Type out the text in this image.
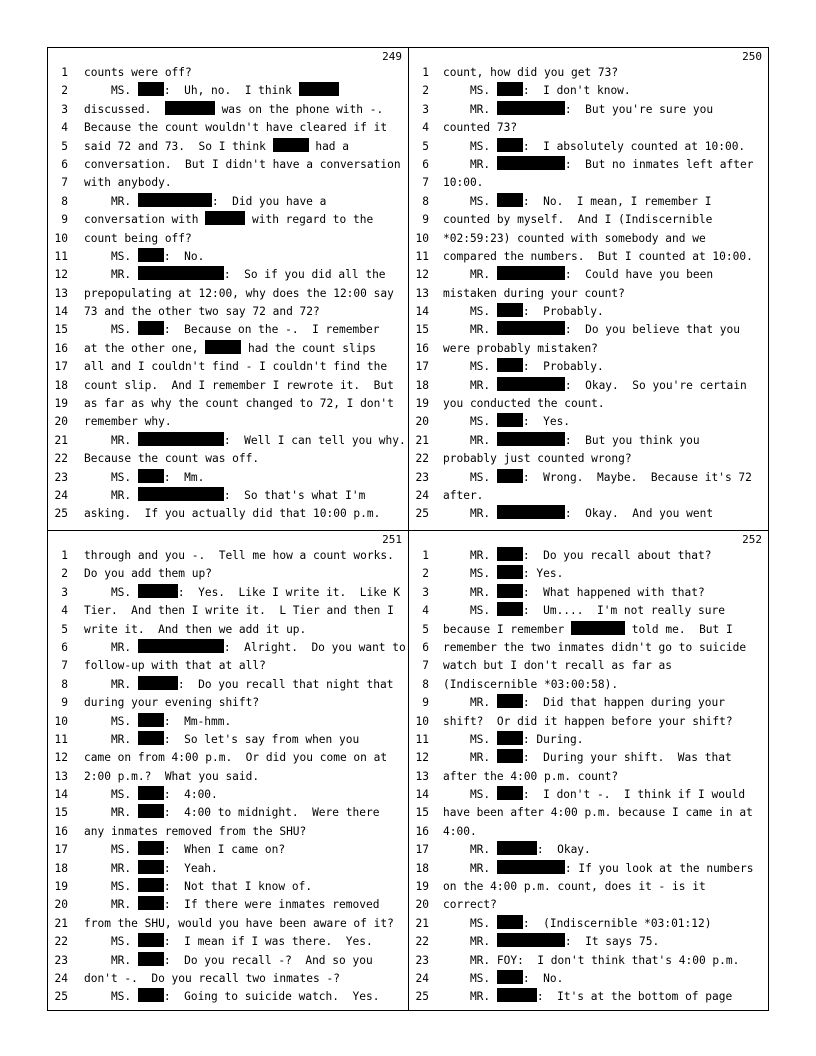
249
1 counts were off?
2 MS. :  Uh, no.  I think
3 discussed.	was on the phone with -.
4 Because the count wouldn't have cleared if it
5 said 72 and 73.  So I think	had a
6 conversation.  But I didn't have a conversation
7 with anybody.
8 MR.	:  Did you have a
9 conversation with	with regard to the
10 count being off?
11 MS. :  No.
12 MR.	:  So if you did all the
13 prepopulating at 12:00, why does the 12:00 say
14 73 and the other two say 72 and 72?
15 MS. :  Because on the -.  I remember
16 at the other one,	had the count slips
17 all and I couldn't find - I couldn't find the
18 count slip.  And I remember I rewrote it.  But
19 as far as why the count changed to 72, I don't
20 remember why.
21 MR.	:  Well I can tell you why.
22 Because the count was off.
23 MS. :  Mm.
24 MR.	:  So that's what I'm
25 asking.  If you actually did that 10:00 p.m.
250
1 count, how did you get 73?
2 MS. :  I don't know.
3 MR.	:  But you're sure you
4 counted 73?
5 MS. :  I absolutely counted at 10:00.
6 MR.	:  But no inmates left after
7 10:00.
8 MS. :  No.  I mean, I remember I
9 counted by myself.  And I (Indiscernible
10 *02:59:23) counted with somebody and we
11 compared the numbers.  But I counted at 10:00.
12 MR.	:  Could have you been
13 mistaken during your count?
14 MS. :  Probably.
15 MR.	:  Do you believe that you
16 were probably mistaken?
17 MS. :  Probably.
18 MR.	:  Okay.  So you're certain
19 you conducted the count.
20 MS. :  Yes.
21 MR.	:  But you think you
22 probably just counted wrong?
23 MS. :  Wrong.  Maybe.  Because it's 72
24 after.
25 MR.	:  Okay.  And you went
251
1 through and you -.  Tell me how a count works.
2 Do you add them up?
3 MS.	:  Yes.  Like I write it.  Like K
4 Tier.  And then I write it.  L Tier and then I
5 write it.  And then we add it up.
6 MR.	:  Alright.  Do you want to
7 follow-up with that at all?
8 MR.	:  Do you recall that night that
9 during your evening shift?
10 MS. :  Mm-hmm.
11 MR. :  So let's say from when you
12 came on from 4:00 p.m.  Or did you come on at
13 2:00 p.m.?  What you said.
14 MS. :  4:00.
15 MR. :  4:00 to midnight.  Were there
16 any inmates removed from the SHU?
17 MS. :  When I came on?
18 MR. :  Yeah.
19 MS. :  Not that I know of.
20 MR. :  If there were inmates removed
21 from the SHU, would you have been aware of it?
22 MS. :  I mean if I was there.  Yes.
23 MR. :  Do you recall -?  And so you
24 don't -.  Do you recall two inmates -?
25 MS. :  Going to suicide watch.  Yes.
252
1 MR. :  Do you recall about that?
2 MS. : Yes.
3 MR. :  What happened with that?
4 MS. :  Um....  I'm not really sure
5 because I remember	told me.  But I
6 remember the two inmates didn't go to suicide
7 watch but I don't recall as far as
8 (Indiscernible *03:00:58).
9 MR. :  Did that happen during your
10 shift?  Or did it happen before your shift?
11 MS. : During.
12 MR. :  During your shift.  Was that
13 after the 4:00 p.m. count?
14 MS. :  I don't -.  I think if I would
15 have been after 4:00 p.m. because I came in at
16 4:00.
17 MR.	:  Okay.
18 MR.	: If you look at the numbers
19 on the 4:00 p.m. count, does it - is it
20 correct?
21 MS. :  (Indiscernible *03:01:12)
22 MR.	:  It says 75.
23 MR. FOY:  I don't think that's 4:00 p.m.
24 MS. :  No.
25 MR.	:  It's at the bottom of page
